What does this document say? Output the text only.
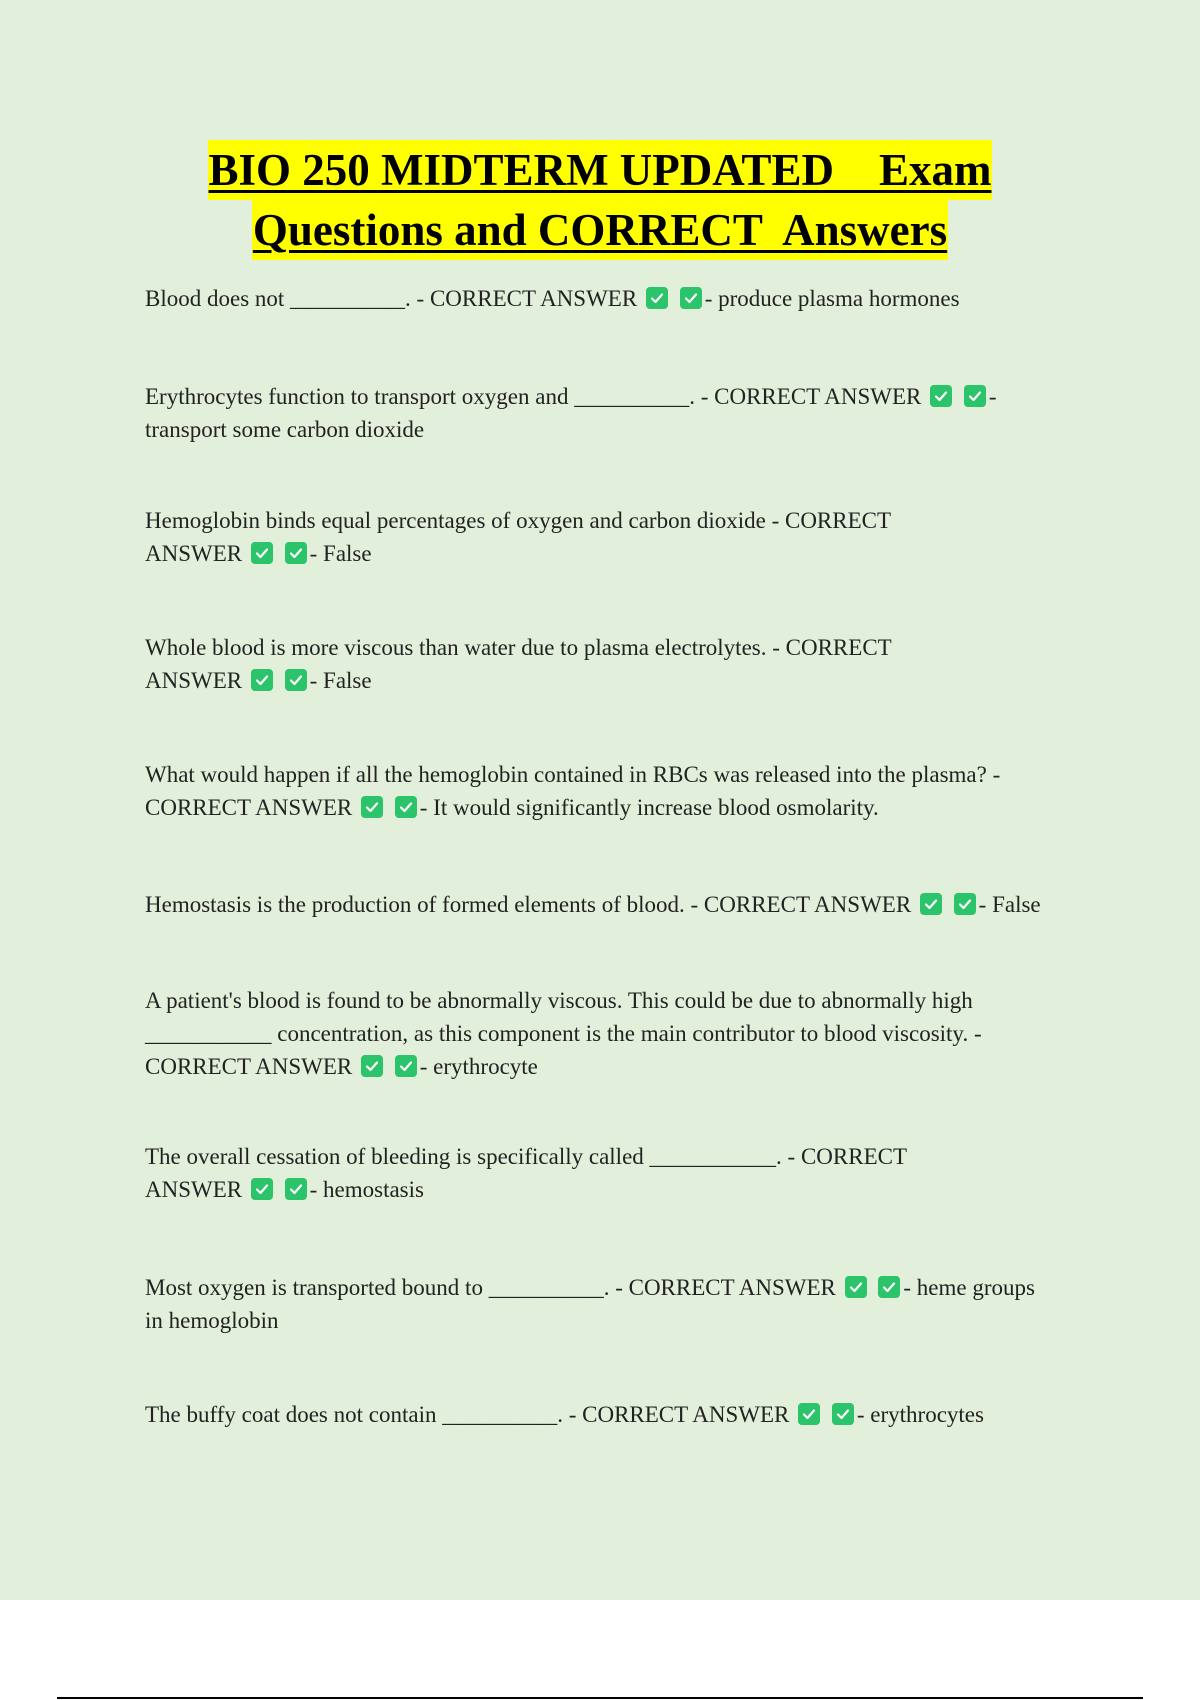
BIO 250 MIDTERM UPDATED    Exam
Questions and CORRECT  Answers
Blood does not __________. - CORRECT ANSWER
	- produce plasma hormones
Erythrocytes function to transport oxygen and __________. - CORRECT ANSWER
	-
transport some carbon dioxide
Hemoglobin binds equal percentages of oxygen and carbon dioxide - CORRECT
ANSWER
	- False
Whole blood is more viscous than water due to plasma electrolytes. - CORRECT
ANSWER
	- False
What would happen if all the hemoglobin contained in RBCs was released into the plasma? -
CORRECT ANSWER
	- It would significantly increase blood osmolarity.
Hemostasis is the production of formed elements of blood. - CORRECT ANSWER
	- False
A patient's blood is found to be abnormally viscous. This could be due to abnormally high
___________ concentration, as this component is the main contributor to blood viscosity. -
CORRECT ANSWER
	- erythrocyte
The overall cessation of bleeding is specifically called ___________. - CORRECT
ANSWER
	- hemostasis
Most oxygen is transported bound to __________. - CORRECT ANSWER
	- heme groups
in hemoglobin
The buffy coat does not contain __________. - CORRECT ANSWER
	- erythrocytes
